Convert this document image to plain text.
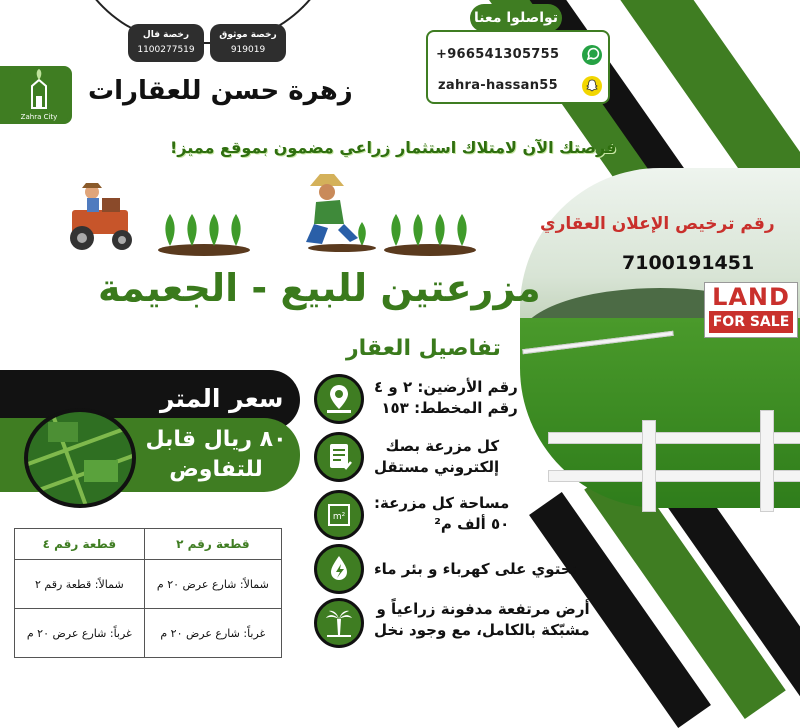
رخصة موثوق
919019
رخصة فال
1100277519
تواصلوا معنا
+966541305755
zahra-hassan55
Zahra City
زهرة حسن للعقارات
فرصتك الآن لامتلاك استثمار زراعي مضمون بموقع مميز!
رقم ترخيص الإعلان العقاري
7100191451
LAND
FOR SALE
مزرعتين للبيع - الجعيمة
تفاصيل العقار
سعر المتر
٨٠ ريال قابل
للتفاوض
رقم الأرضين: ٢ و ٤
رقم المخطط: ١٥٣
كل مزرعة بصك
إلكتروني مستقل
m²
مساحة كل مزرعة:
٥٠ ألف م²
تحتوي على كهرباء و بئر ماء
أرض مرتفعة مدفونة زراعياً و
مشبّكة بالكامل، مع وجود نخل
قطعة رقم ٢	قطعة رقم ٤
شمالاً: شارع عرض ٢٠ م	شمالاً: قطعة رقم ٢
غرباً: شارع عرض ٢٠ م	غرباً: شارع عرض ٢٠ م
